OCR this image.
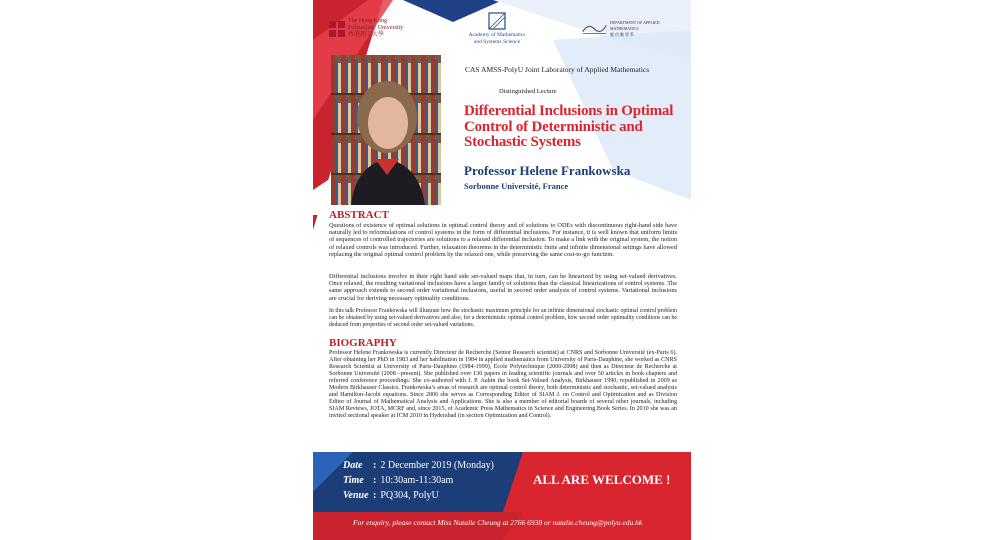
The Hong Kong
Polytechnic University
香港理工大學	Academy of Mathematics
and Systems Science
DEPARTMENT OF APPLIED MATHEMATICS
應 用 數 學 系
CAS AMSS-PolyU Joint Laboratory of Applied Mathematics
Distinguished Lecture
Differential Inclusions in Optimal Control of Deterministic and Stochastic Systems
Professor Helene Frankowska
Sorbonne Université, France
ABSTRACT
Questions of existence of optimal solutions in optimal control theory and of solutions to ODEs with discontinuous right-hand side have naturally led to reformulations of control systems in the form of differential inclusions. For instance, it is well known that uniform limits of sequences of controlled trajectories are solutions to a relaxed differential inclusion. To make a link with the original system, the notion of relaxed controls was introduced. Further, relaxation theorems in the deterministic finite and infinite dimensional settings have allowed replacing the original optimal control problem by the relaxed one, while preserving the same cost-to-go function.
Differential inclusions involve in their right hand side set-valued maps that, in turn, can be linearized by using set-valued derivatives. Once relaxed, the resulting variational inclusions have a larger family of solutions than the classical linearizations of control systems. The same approach extends to second order variational inclusions, useful in second order analysis of control systems. Variational inclusions are crucial for deriving necessary optimality conditions.
In this talk Professor Frankowska will illustrate how the stochastic maximum principle for an infinite dimensional stochastic optimal control problem can be obtained by using set-valued derivatives and also, for a deterministic optimal control problem, how second order optimality conditions can be deduced from properties of second order set-valued variations.
BIOGRAPHY
Professor Helene Frankowska is currently Directeur de Recherche (Senior Research scientist) at CNRS and Sorbonne Université (ex-Paris 6). After obtaining her PhD in 1983 and her habilitation in 1984 in applied mathematics from University of Paris-Dauphine, she worked as CNRS Research Scientist at University of Paris-Dauphine (1984-1999), Ecole Polytechnique (2000-2008) and then as Directeur de Recherche at Sorbonne Université (2008 –present). She published over 130 papers in leading scientific journals and over 50 articles in book chapters and referred conference proceedings. She co-authored with J. P. Aubin the book Set-Valued Analysis, Birkhauser 1990, republished in 2009 as Modern Birkhauser Classics. Frankowska’s areas of research are optimal control theory, both deterministic and stochastic, set-valued analysis and Hamilton-Jacobi equations. Since 2006 she serves as Corresponding Editor of SIAM J. on Control and Optimization and as Division Editor of Journal of Mathematical Analysis and Applications. She is also a member of editorial boards of several other journals, including SIAM Reviews, JOTA, MCRF and, since 2015, of Academic Press Mathematics in Science and Engineering Book Series. In 2010 she was an invited sectional speaker at ICM 2010 in Hyderabad (in section Optimization and Control).
Date : 2 December 2019 (Monday)
Time : 10:30am-11:30am
Venue : PQ304, PolyU
ALL ARE WELCOME !
For enquiry, please contact Miss Natalie Cheung at 2766 6938 or natalie.cheung@polyu.edu.hk
